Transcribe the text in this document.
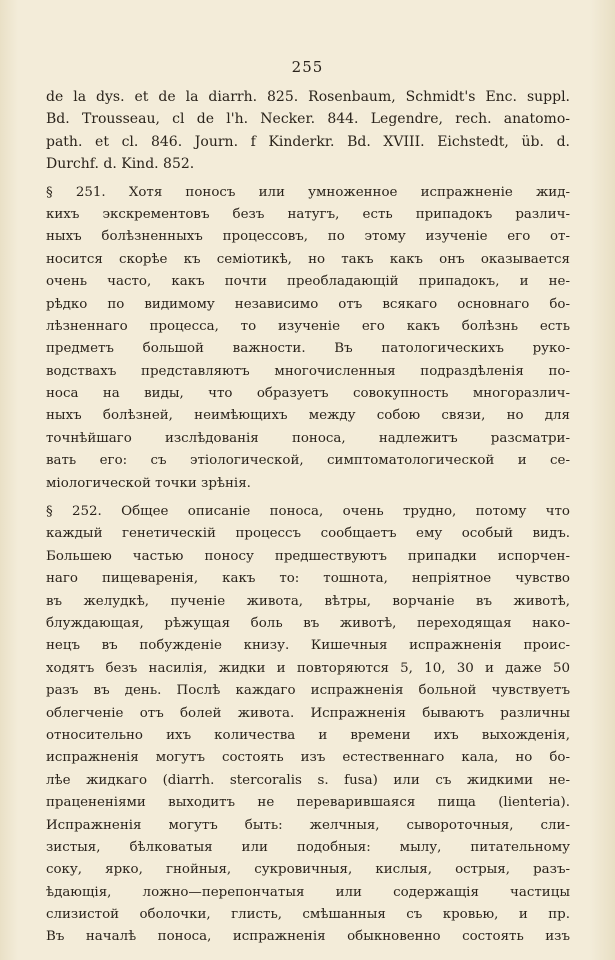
255
de la dys. et de la diarrh. 825. Rosenbaum, Schmidt's Enc. suppl.
Bd. Trousseau, cl de l'h. Necker. 844. Legendre, rech. anatomo-
path. et cl. 846. Journ. f Kinderkr. Bd. XVIII. Eichstedt, üb. d.
Durchf. d. Kind. 852.
§ 251. Хотя поносъ или умноженное испражненіе жид-
кихъ экскрементовъ безъ натугъ, есть припадокъ различ-
ныхъ болѣзненныхъ процессовъ, по этому изученіе его от-
носится скорѣе къ семіотикѣ, но такъ какъ онъ оказывается
очень часто, какъ почти преобладающій припадокъ, и не-
рѣдко по видимому независимо отъ всякаго основнаго бо-
лѣзненнаго процесса, то изученіе его какъ болѣзнь есть
предметъ большой важности. Въ патологическихъ руко-
водствахъ представляютъ многочисленныя подраздѣленія по-
носа на виды, что образуетъ совокупность многоразлич-
ныхъ болѣзней, неимѣющихъ между собою связи, но для
точнѣйшаго изслѣдованія поноса, надлежитъ разсматри-
вать его: съ этіологической, симптоматологической и се-
міологической точки зрѣнія.
§ 252. Общее описаніе поноса, очень трудно, потому что
каждый генетическій процессъ сообщаетъ ему особый видъ.
Большею частью поносу предшествуютъ припадки испорчен-
наго пищеваренія, какъ то: тошнота, непріятное чувство
въ желудкѣ, пученіе живота, вѣтры, ворчаніе въ животѣ,
блуждающая, рѣжущая боль въ животѣ, переходящая нако-
нецъ въ побужденіе книзу. Кишечныя испражненія проис-
ходятъ безъ насилія, жидки и повторяются 5, 10, 30 и даже 50
разъ въ день. Послѣ каждаго испражненія больной чувствуетъ
облегченіе отъ болей живота. Испражненія бываютъ различны
относительно ихъ количества и времени ихъ выхожденія,
испражненія могутъ состоять изъ естественнаго кала, но бо-
лѣе жидкаго (diarrh. stercoralis s. fusa) или съ жидкими не-
працененіями выходитъ не переварившаяся пища (lienteria).
Испражненія могутъ быть: желчныя, сывороточныя, сли-
зистыя, бѣлковатыя или подобныя: мылу, питательному
соку, ярко, гнойныя, сукровичныя, кислыя, острыя, разъ-
ѣдающія, ложно—перепончатыя или содержащія частицы
слизистой оболочки, глисть, смѣшанныя съ кровью, и пр.
Въ началѣ поноса, испражненія обыкновенно состоять изъ
